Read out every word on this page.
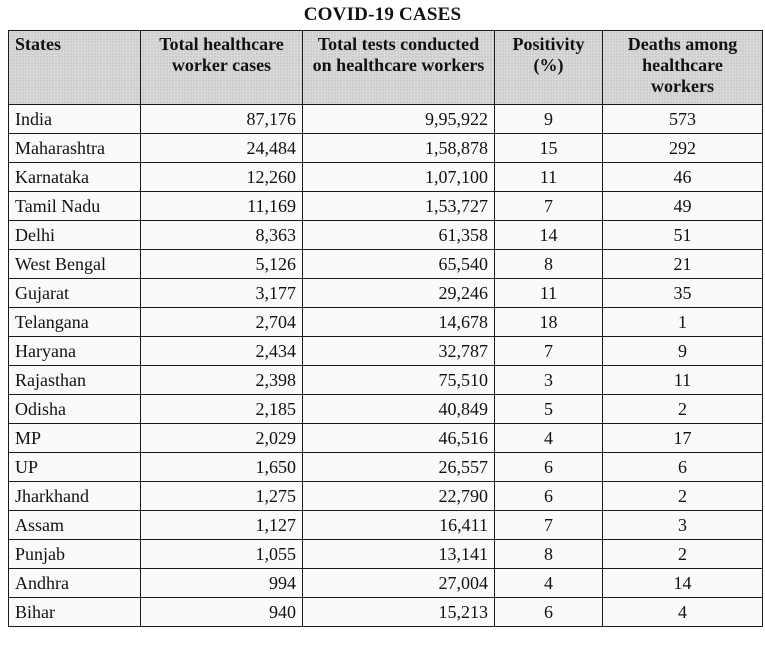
COVID-19 CASES
States	Total healthcare worker cases	Total tests conducted on healthcare workers	Positivity (%)	Deaths among healthcare workers
India	87,176	9,95,922	9	573
Maharashtra	24,484	1,58,878	15	292
Karnataka	12,260	1,07,100	11	46
Tamil Nadu	11,169	1,53,727	7	49
Delhi	8,363	61,358	14	51
West Bengal	5,126	65,540	8	21
Gujarat	3,177	29,246	11	35
Telangana	2,704	14,678	18	1
Haryana	2,434	32,787	7	9
Rajasthan	2,398	75,510	3	11
Odisha	2,185	40,849	5	2
MP	2,029	46,516	4	17
UP	1,650	26,557	6	6
Jharkhand	1,275	22,790	6	2
Assam	1,127	16,411	7	3
Punjab	1,055	13,141	8	2
Andhra	994	27,004	4	14
Bihar	940	15,213	6	4
